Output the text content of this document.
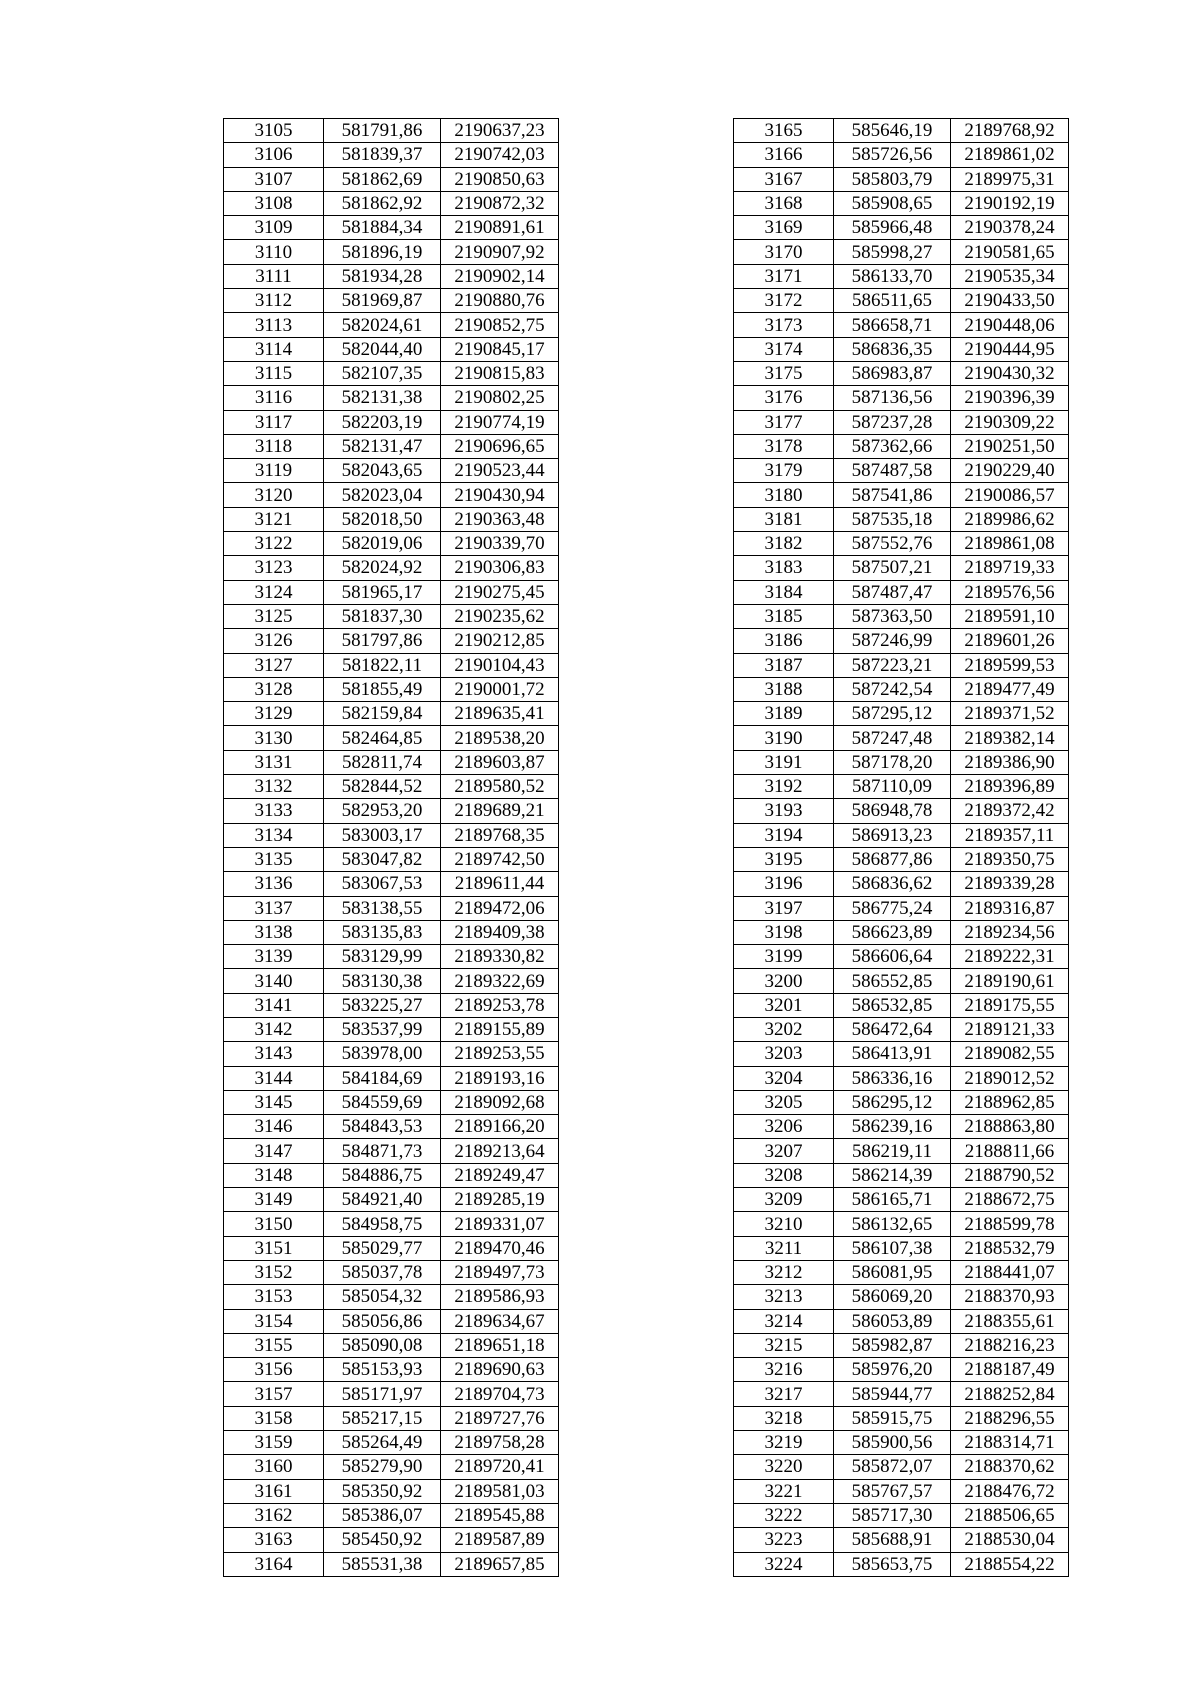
3105	581791,86	2190637,23
3106	581839,37	2190742,03
3107	581862,69	2190850,63
3108	581862,92	2190872,32
3109	581884,34	2190891,61
3110	581896,19	2190907,92
3111	581934,28	2190902,14
3112	581969,87	2190880,76
3113	582024,61	2190852,75
3114	582044,40	2190845,17
3115	582107,35	2190815,83
3116	582131,38	2190802,25
3117	582203,19	2190774,19
3118	582131,47	2190696,65
3119	582043,65	2190523,44
3120	582023,04	2190430,94
3121	582018,50	2190363,48
3122	582019,06	2190339,70
3123	582024,92	2190306,83
3124	581965,17	2190275,45
3125	581837,30	2190235,62
3126	581797,86	2190212,85
3127	581822,11	2190104,43
3128	581855,49	2190001,72
3129	582159,84	2189635,41
3130	582464,85	2189538,20
3131	582811,74	2189603,87
3132	582844,52	2189580,52
3133	582953,20	2189689,21
3134	583003,17	2189768,35
3135	583047,82	2189742,50
3136	583067,53	2189611,44
3137	583138,55	2189472,06
3138	583135,83	2189409,38
3139	583129,99	2189330,82
3140	583130,38	2189322,69
3141	583225,27	2189253,78
3142	583537,99	2189155,89
3143	583978,00	2189253,55
3144	584184,69	2189193,16
3145	584559,69	2189092,68
3146	584843,53	2189166,20
3147	584871,73	2189213,64
3148	584886,75	2189249,47
3149	584921,40	2189285,19
3150	584958,75	2189331,07
3151	585029,77	2189470,46
3152	585037,78	2189497,73
3153	585054,32	2189586,93
3154	585056,86	2189634,67
3155	585090,08	2189651,18
3156	585153,93	2189690,63
3157	585171,97	2189704,73
3158	585217,15	2189727,76
3159	585264,49	2189758,28
3160	585279,90	2189720,41
3161	585350,92	2189581,03
3162	585386,07	2189545,88
3163	585450,92	2189587,89
3164	585531,38	2189657,85
3165	585646,19	2189768,92
3166	585726,56	2189861,02
3167	585803,79	2189975,31
3168	585908,65	2190192,19
3169	585966,48	2190378,24
3170	585998,27	2190581,65
3171	586133,70	2190535,34
3172	586511,65	2190433,50
3173	586658,71	2190448,06
3174	586836,35	2190444,95
3175	586983,87	2190430,32
3176	587136,56	2190396,39
3177	587237,28	2190309,22
3178	587362,66	2190251,50
3179	587487,58	2190229,40
3180	587541,86	2190086,57
3181	587535,18	2189986,62
3182	587552,76	2189861,08
3183	587507,21	2189719,33
3184	587487,47	2189576,56
3185	587363,50	2189591,10
3186	587246,99	2189601,26
3187	587223,21	2189599,53
3188	587242,54	2189477,49
3189	587295,12	2189371,52
3190	587247,48	2189382,14
3191	587178,20	2189386,90
3192	587110,09	2189396,89
3193	586948,78	2189372,42
3194	586913,23	2189357,11
3195	586877,86	2189350,75
3196	586836,62	2189339,28
3197	586775,24	2189316,87
3198	586623,89	2189234,56
3199	586606,64	2189222,31
3200	586552,85	2189190,61
3201	586532,85	2189175,55
3202	586472,64	2189121,33
3203	586413,91	2189082,55
3204	586336,16	2189012,52
3205	586295,12	2188962,85
3206	586239,16	2188863,80
3207	586219,11	2188811,66
3208	586214,39	2188790,52
3209	586165,71	2188672,75
3210	586132,65	2188599,78
3211	586107,38	2188532,79
3212	586081,95	2188441,07
3213	586069,20	2188370,93
3214	586053,89	2188355,61
3215	585982,87	2188216,23
3216	585976,20	2188187,49
3217	585944,77	2188252,84
3218	585915,75	2188296,55
3219	585900,56	2188314,71
3220	585872,07	2188370,62
3221	585767,57	2188476,72
3222	585717,30	2188506,65
3223	585688,91	2188530,04
3224	585653,75	2188554,22
